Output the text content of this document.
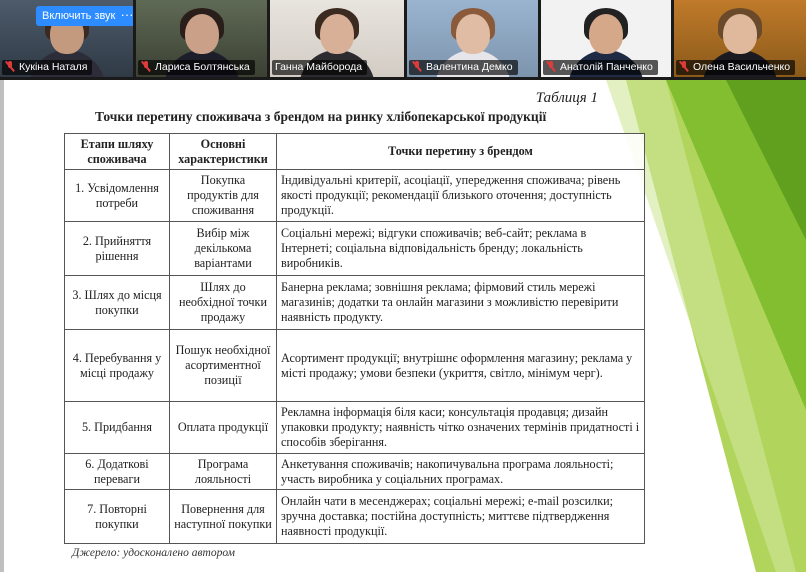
Включить звук ···
Кукіна Наталя	Лариса Болтянська	Ганна Майборода	Валентина Демко	Анатолій Панченко	Олена Васильченко
Таблиця 1
Точки перетину споживача з брендом на ринку хлібопекарської продукції
Етапи шляху споживача	Основні характеристики	Точки перетину з брендом
1. Усвідомлення потреби	Покупка продуктів для споживання	Індивідуальні критерії, асоціації, упередження споживача; рівень якості продукції; рекомендації близького оточення; доступність продукції.
2. Прийняття рішення	Вибір між декількома варіантами	Соціальні мережі; відгуки споживачів; веб-сайт; реклама в Інтернеті; соціальна відповідальність бренду; локальність виробників.
3. Шлях до місця покупки	Шлях до необхідної точки продажу	Банерна реклама; зовнішня реклама; фірмовий стиль мережі магазинів; додатки та онлайн магазини з можливістю перевірити наявність продукту.
4. Перебування у місці продажу	Пошук необхідної асортиментної позиції	Асортимент продукції; внутрішнє оформлення магазину; реклама у місті продажу; умови безпеки (укриття, світло, мінімум черг).
5. Придбання	Оплата продукції	Рекламна інформація біля каси; консультація продавця; дизайн упаковки продукту; наявність чітко означених термінів придатності і способів зберігання.
6. Додаткові переваги	Програма лояльності	Анкетування споживачів; накопичувальна програма лояльності; участь виробника у соціальних програмах.
7. Повторні покупки	Повернення для наступної покупки	Онлайн чати в месенджерах; соціальні мережі; e-mail розсилки; зручна доставка; постійна доступність; миттєве підтвердження наявності продукції.
Джерело: удосконалено автором
